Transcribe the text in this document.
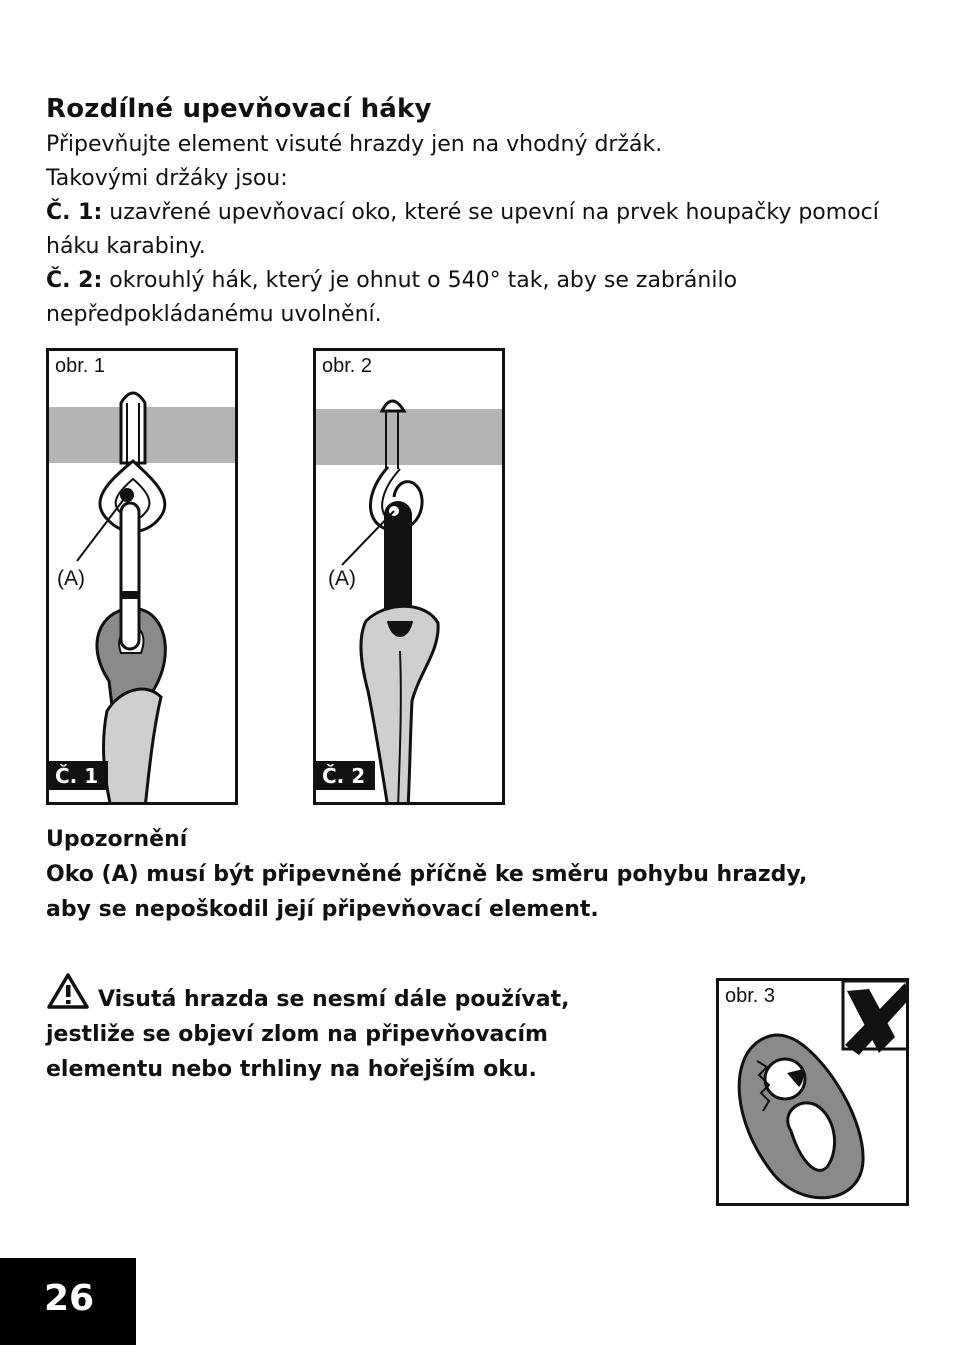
Rozdílné upevňovací háky
Připevňujte element visuté hrazdy jen na vhodný držák.
Takovými držáky jsou:
Č. 1: uzavřené upevňovací oko, které se upevní na prvek houpačky pomocí
háku karabiny.
Č. 2: okrouhlý hák, který je ohnut o 540° tak, aby se zabránilo
nepředpokládanému uvolnění.
obr. 1
(A)
Č. 1
obr. 2
(A)
Č. 2
Upozornění
Oko (A) musí být připevněné příčně ke směru pohybu hrazdy,
aby se nepoškodil její připevňovací element.
Visutá hrazda se nesmí dále používat,
jestliže se objeví zlom na připevňovacím
elementu nebo trhliny na hořejším oku.
obr. 3
26
